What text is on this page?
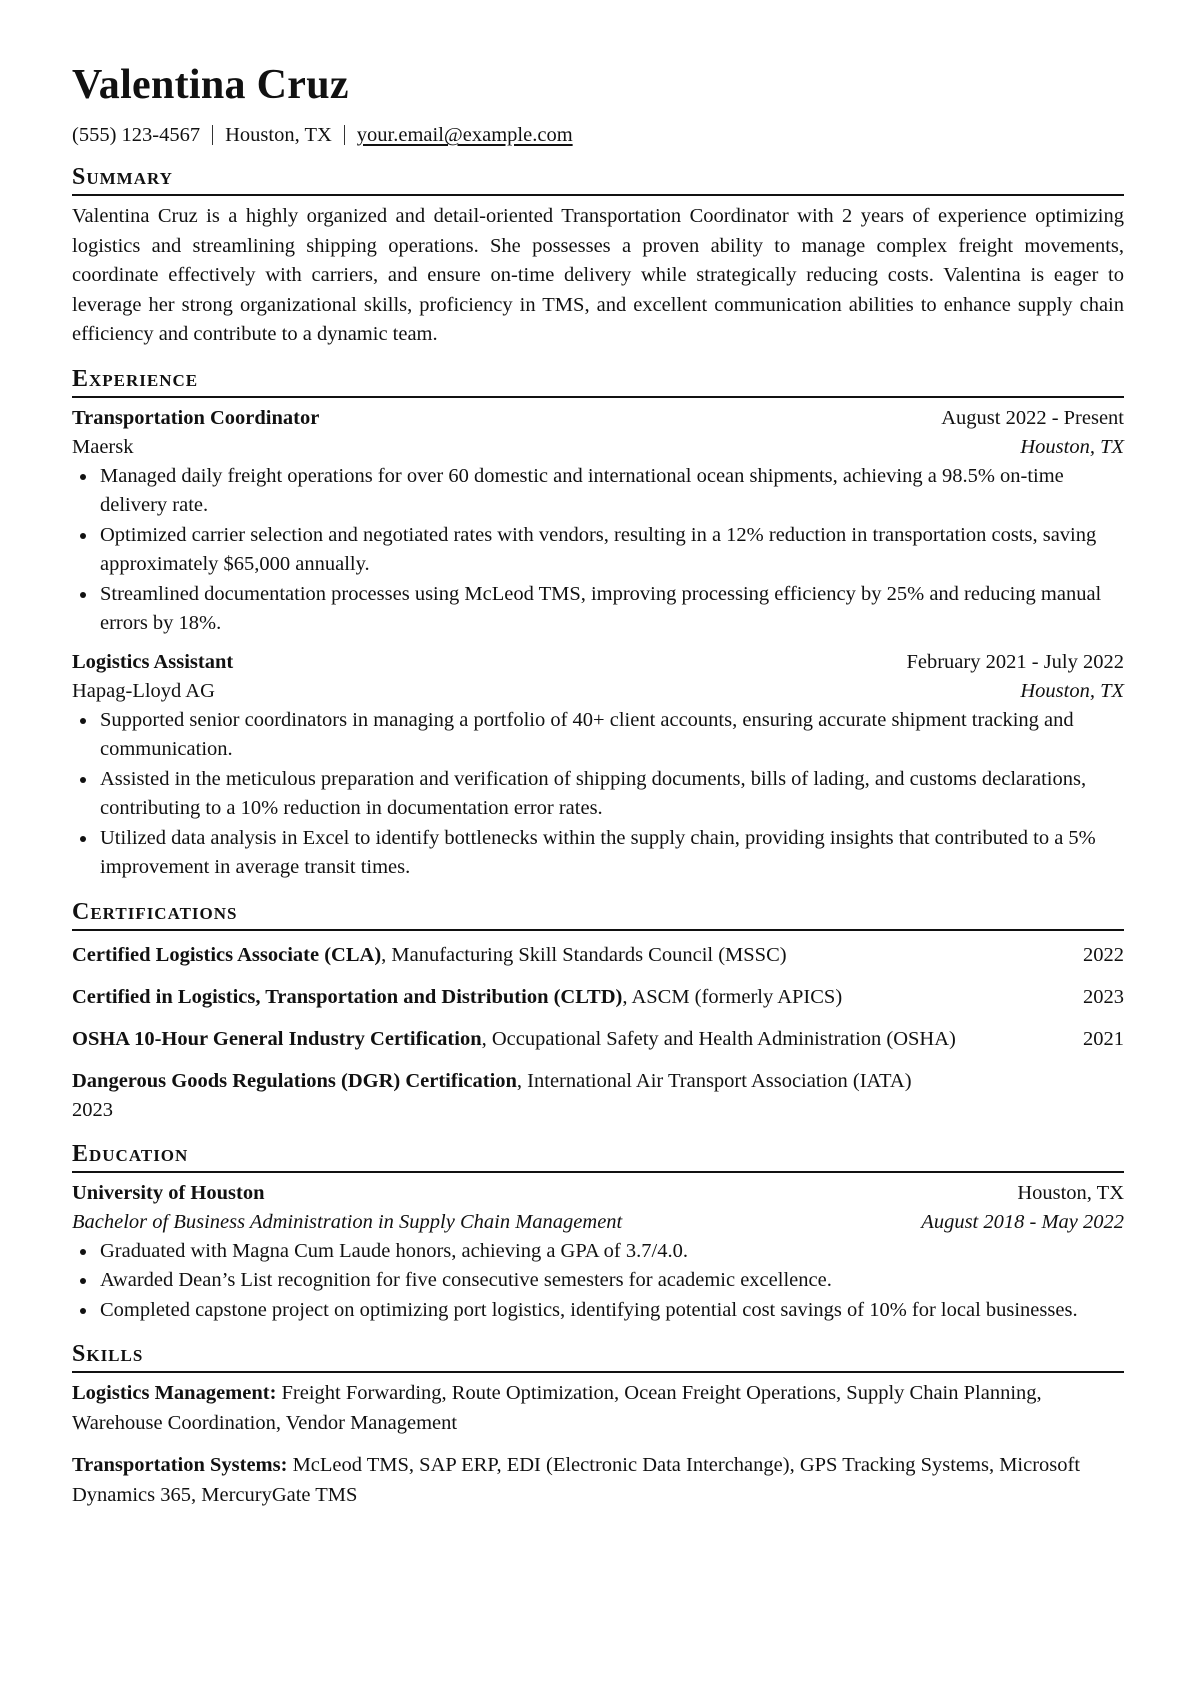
Valentina Cruz
(555) 123-4567 Houston, TX your.email@example.com
Summary

Valentina Cruz is a highly organized and detail-oriented Transportation Coordinator with 2 years of experience optimizing logistics and streamlining shipping operations. She possesses a proven ability to manage complex freight movements, coordinate effectively with carriers, and ensure on-time delivery while strategically reducing costs. Valentina is eager to leverage her strong organizational skills, proficiency in TMS, and excellent communication abilities to enhance supply chain efficiency and contribute to a dynamic team.

Experience
Transportation Coordinator	August 2022 - Present
Maersk	Houston, TX
Managed daily freight operations for over 60 domestic and international ocean shipments, achieving a 98.5% on-time delivery rate.
Optimized carrier selection and negotiated rates with vendors, resulting in a 12% reduction in transportation costs, saving approximately $65,000 annually.
Streamlined documentation processes using McLeod TMS, improving processing efficiency by 25% and reducing manual errors by 18%.
Logistics Assistant	February 2021 - July 2022
Hapag-Lloyd AG	Houston, TX
Supported senior coordinators in managing a portfolio of 40+ client accounts, ensuring accurate shipment tracking and communication.
Assisted in the meticulous preparation and verification of shipping documents, bills of lading, and customs declarations, contributing to a 10% reduction in documentation error rates.
Utilized data analysis in Excel to identify bottlenecks within the supply chain, providing insights that contributed to a 5% improvement in average transit times.
Certifications
Certified Logistics Associate (CLA), Manufacturing Skill Standards Council (MSSC)	2022
Certified in Logistics, Transportation and Distribution (CLTD), ASCM (formerly APICS)	2023
OSHA 10-Hour General Industry Certification, Occupational Safety and Health Administration (OSHA)	2021
Dangerous Goods Regulations (DGR) Certification, International Air Transport Association (IATA)
2023
Education
University of Houston	Houston, TX
Bachelor of Business Administration in Supply Chain Management	August 2018 - May 2022
Graduated with Magna Cum Laude honors, achieving a GPA of 3.7/4.0.
Awarded Dean’s List recognition for five consecutive semesters for academic excellence.
Completed capstone project on optimizing port logistics, identifying potential cost savings of 10% for local businesses.
Skills
Logistics Management: Freight Forwarding, Route Optimization, Ocean Freight Operations, Supply Chain Planning, Warehouse Coordination, Vendor Management
Transportation Systems: McLeod TMS, SAP ERP, EDI (Electronic Data Interchange), GPS Tracking Systems, Microsoft Dynamics 365, MercuryGate TMS
